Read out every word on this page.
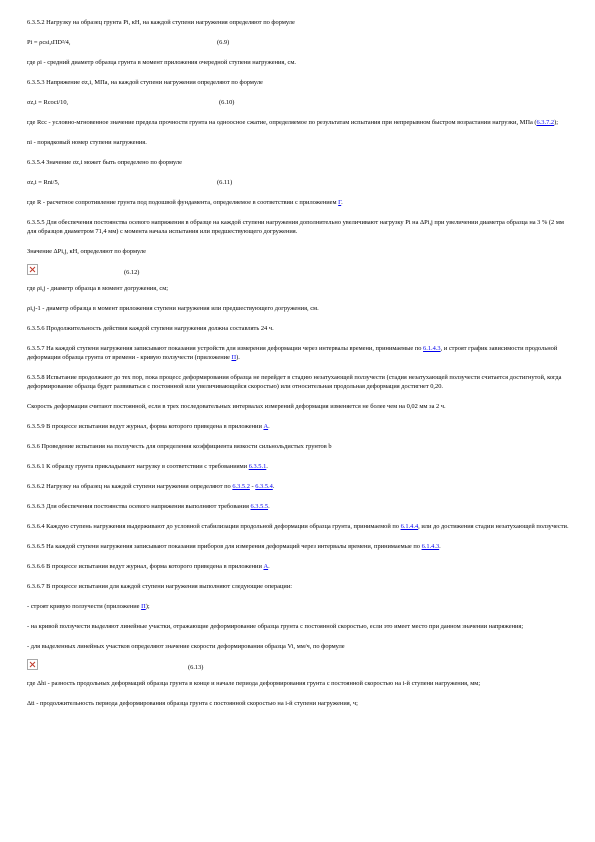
6.3.5.2 Нагрузку на образец грунта Pi, кН, на каждой ступени нагружения определяют по формуле

Pi = ρcsi,ιΠD²/4,	(6.9)

где ρi - средний диаметр образца грунта в момент приложения очередной ступени нагружения, см.

6.3.5.3 Напряжение σz,i, МПа, на каждой ступени нагружения определяют по формуле

σz,i = Rcoci/10,	(6.10)

где Rcc - условно-мгновенное значение предела прочности грунта на одноосное сжатие, определяемое по результатам испытания при непрерывном быстром возрастании нагрузки, МПа (6.3.7.2);

ni - порядковый номер ступени нагружения.

6.3.5.4 Значение σz,i может быть определено по формуле

σz,i = Rni/5,	(6.11)

где R - расчетное сопротивление грунта под подошвой фундамента, определяемое в соответствии с приложением Г.

6.3.5.5 Для обеспечения постоянства осевого напряжения в образце на каждой ступени нагружения дополнительно увеличивают нагрузку Pi на ΔPi,j при увеличении диаметра образца на 3 % (2 мм для образцов диаметром 71,4 мм) с момента начала испытания или предшествующего догружения.

Значение ΔPi,j, кН, определяют по формуле

(6.12)

где ρi,j - диаметр образца в момент догружения, см;

ρi,j-1 - диаметр образца в момент приложения ступени нагружения или предшествующего догружения, см.

6.3.5.6 Продолжительность действия каждой ступени нагружения должна составлять 24 ч.

6.3.5.7 На каждой ступени нагружения записывают показания устройств для измерения деформации через интервалы времени, принимаемые по 6.1.4.3, и строят график зависимости продольной деформации образца грунта от времени - кривую ползучести (приложение П).

6.3.5.8 Испытание продолжают до тех пор, пока процесс деформирования образца не перейдет в стадию незатухающей ползучести (стадия незатухающей ползучести считается достигнутой, когда деформирование образца будет развиваться с постоянной или увеличивающейся скоростью) или относительная продольная деформация достигнет 0,20.

Скорость деформации считают постоянной, если в трех последовательных интервалах измерений деформация изменяется не более чем на 0,02 мм за 2 ч.

6.3.5.9 В процессе испытания ведут журнал, форма которого приведена в приложении А.

6.3.6 Проведение испытания на ползучесть для определения коэффициента вязкости сильнольдистых грунтов b

6.3.6.1 К образцу грунта прикладывают нагрузку в соответствии с требованиями 6.3.5.1.

6.3.6.2 Нагрузку на образец на каждой ступени нагружения определяют по 6.3.5.2 - 6.3.5.4.

6.3.6.3 Для обеспечения постоянства осевого напряжения выполняют требования 6.3.5.5.

6.3.6.4 Каждую ступень нагружения выдерживают до условной стабилизации продольной деформации образца грунта, принимаемой по 6.1.4.4, или до достижения стадии незатухающей ползучести.

6.3.6.5 На каждой ступени нагружения записывают показания приборов для измерения деформаций через интервалы времени, принимаемые по 6.1.4.3.

6.3.6.6 В процессе испытания ведут журнал, форма которого приведена в приложении А.

6.3.6.7 В процессе испытания для каждой ступени нагружения выполняют следующие операции:

- строят кривую ползучести (приложение П);

- на кривой ползучести выделяют линейные участки, отражающие деформирование образца грунта с постоянной скоростью, если это имеет место при данном значении напряжения;

- для выделенных линейных участков определяют значение скорости деформирования образца Vi, мм/ч, по формуле

(6.13)

где Δhi - разность продольных деформаций образца грунта в конце и начале периода деформирования грунта с постоянной скоростью на i-й ступени нагружения, мм;

Δti - продолжительность периода деформирования образца грунта с постоянной скоростью на i-й ступени нагружения, ч;
